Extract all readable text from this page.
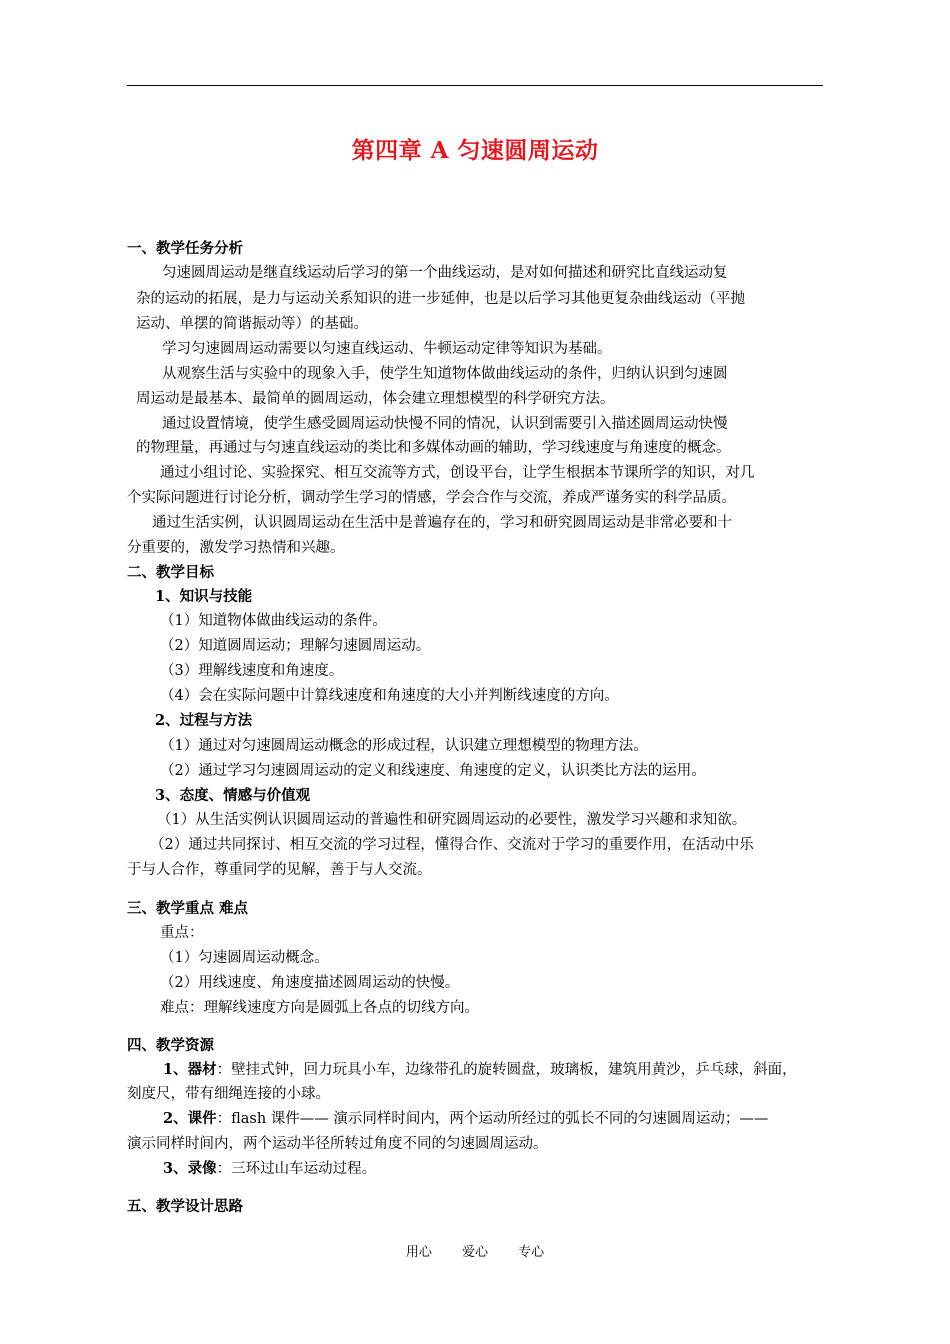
第四章 A 匀速圆周运动
一、教学任务分析
匀速圆周运动是继直线运动后学习的第一个曲线运动，是对如何描述和研究比直线运动复
杂的运动的拓展，是力与运动关系知识的进一步延伸，也是以后学习其他更复杂曲线运动（平抛
运动、单摆的简谐振动等）的基础。
学习匀速圆周运动需要以匀速直线运动、牛顿运动定律等知识为基础。
从观察生活与实验中的现象入手，使学生知道物体做曲线运动的条件，归纳认识到匀速圆
周运动是最基本、最简单的圆周运动，体会建立理想模型的科学研究方法。
通过设置情境，使学生感受圆周运动快慢不同的情况，认识到需要引入描述圆周运动快慢
的物理量，再通过与匀速直线运动的类比和多媒体动画的辅助，学习线速度与角速度的概念。
通过小组讨论、实验探究、相互交流等方式，创设平台，让学生根据本节课所学的知识，对几
个实际问题进行讨论分析，调动学生学习的情感，学会合作与交流，养成严谨务实的科学品质。
通过生活实例，认识圆周运动在生活中是普遍存在的，学习和研究圆周运动是非常必要和十
分重要的，激发学习热情和兴趣。
二、教学目标
1、知识与技能
（1）知道物体做曲线运动的条件。
（2）知道圆周运动；理解匀速圆周运动。
（3）理解线速度和角速度。
（4）会在实际问题中计算线速度和角速度的大小并判断线速度的方向。
2、过程与方法
（1）通过对匀速圆周运动概念的形成过程，认识建立理想模型的物理方法。
（2）通过学习匀速圆周运动的定义和线速度、角速度的定义，认识类比方法的运用。
3、态度、情感与价值观
（1）从生活实例认识圆周运动的普遍性和研究圆周运动的必要性，激发学习兴趣和求知欲。
（2）通过共同探讨、相互交流的学习过程，懂得合作、交流对于学习的重要作用，在活动中乐
于与人合作，尊重同学的见解，善于与人交流。
三、教学重点 难点
重点：
（1）匀速圆周运动概念。
（2）用线速度、角速度描述圆周运动的快慢。
难点：理解线速度方向是圆弧上各点的切线方向。
四、教学资源
1、器材：壁挂式钟，回力玩具小车，边缘带孔的旋转圆盘，玻璃板，建筑用黄沙，乒乓球，斜面，
刻度尺，带有细绳连接的小球。
2、课件：flash 课件—— 演示同样时间内，两个运动所经过的弧长不同的匀速圆周运动；——
演示同样时间内，两个运动半径所转过角度不同的匀速圆周运动。
3、录像：三环过山车运动过程。
五、教学设计思路
用心 爱心 专心
